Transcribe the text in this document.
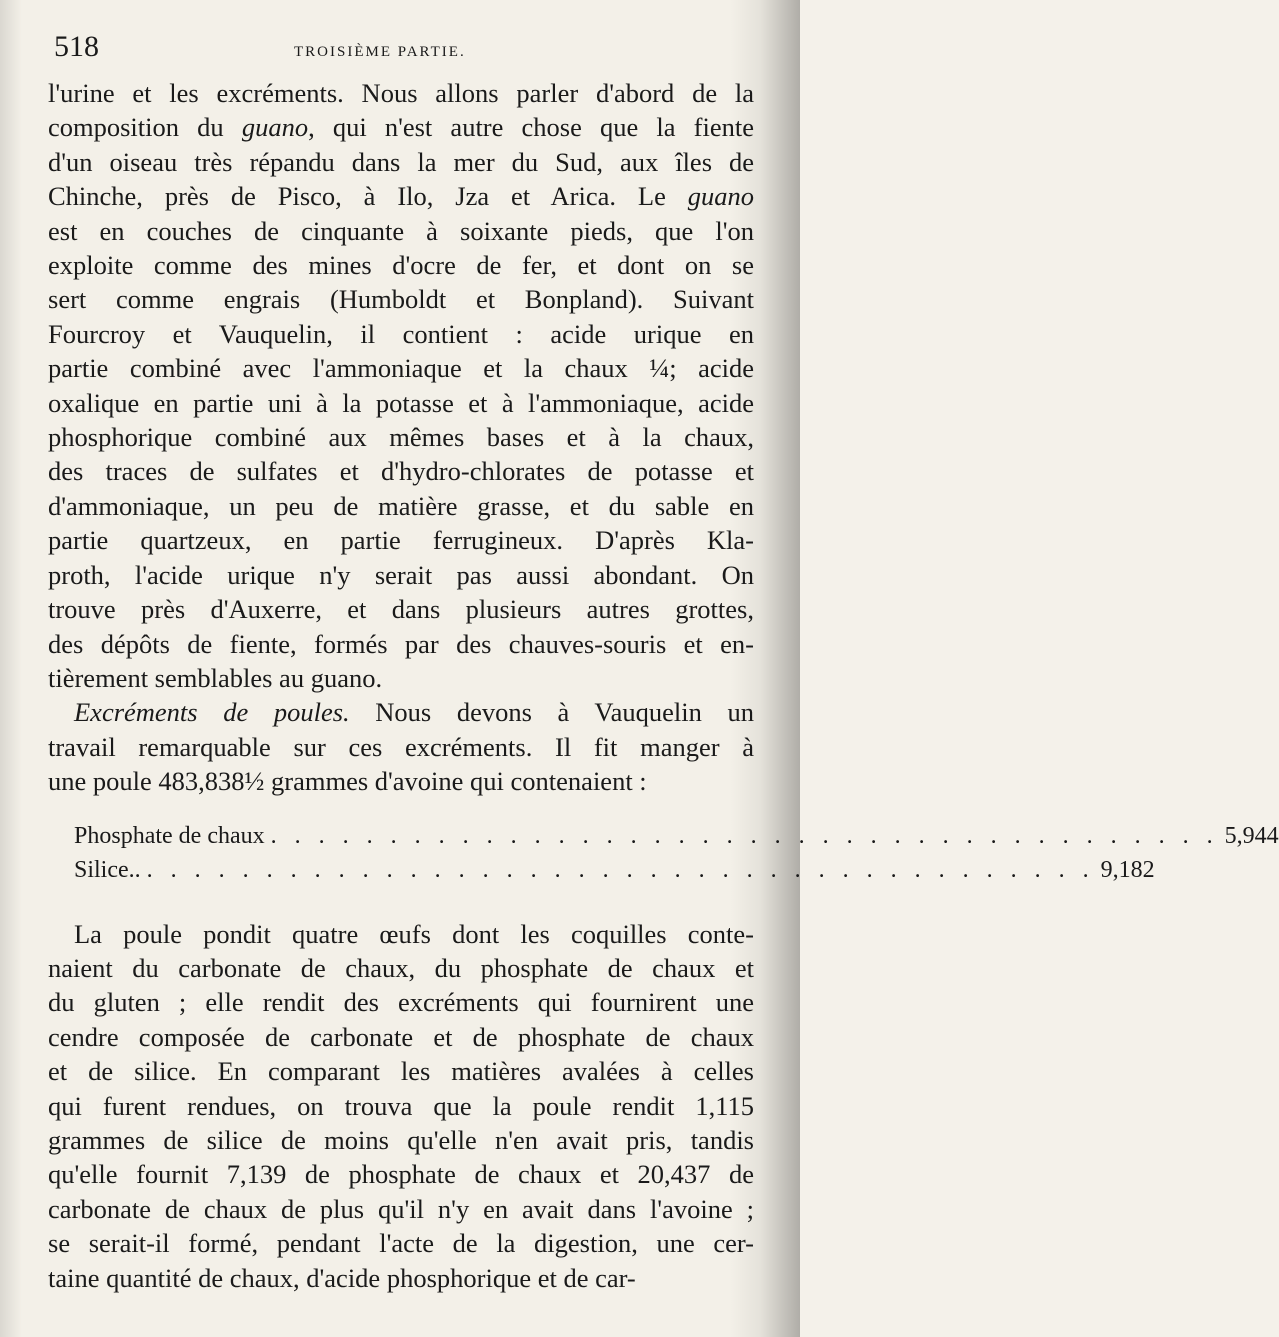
518	TROISIÈME PARTIE.

l'urine et les excréments. Nous allons parler d'abord de la
composition du guano, qui n'est autre chose que la fiente
d'un oiseau très répandu dans la mer du Sud, aux îles de
Chinche, près de Pisco, à Ilo, Jza et Arica. Le guano
est en couches de cinquante à soixante pieds, que l'on
exploite comme des mines d'ocre de fer, et dont on se
sert comme engrais (Humboldt et Bonpland). Suivant
Fourcroy et Vauquelin, il contient : acide urique en
partie combiné avec l'ammoniaque et la chaux ¼; acide
oxalique en partie uni à la potasse et à l'ammoniaque, acide
phosphorique combiné aux mêmes bases et à la chaux,
des traces de sulfates et d'hydro-chlorates de potasse et
d'ammoniaque, un peu de matière grasse, et du sable en
partie quartzeux, en partie ferrugineux. D'après Kla-
proth, l'acide urique n'y serait pas aussi abondant. On
trouve près d'Auxerre, et dans plusieurs autres grottes,
des dépôts de fiente, formés par des chauves-souris et en-
tièrement semblables au guano.

Excréments de poules. Nous devons à Vauquelin un
travail remarquable sur ces excréments. Il fit manger à
une poule 483,838½ grammes d'avoine qui contenaient :

Phosphate de chaux . . . . . . . . . . . . . . . . . . . . . . . . . . . . . . . . . . . . . . . . 5,944
Silice.. . . . . . . . . . . . . . . . . . . . . . . . . . . . . . . . . . . . . . . . . 9,182

La poule pondit quatre œufs dont les coquilles conte-
naient du carbonate de chaux, du phosphate de chaux et
du gluten ; elle rendit des excréments qui fournirent une
cendre composée de carbonate et de phosphate de chaux
et de silice. En comparant les matières avalées à celles
qui furent rendues, on trouva que la poule rendit 1,115
grammes de silice de moins qu'elle n'en avait pris, tandis
qu'elle fournit 7,139 de phosphate de chaux et 20,437 de
carbonate de chaux de plus qu'il n'y en avait dans l'avoine ;
se serait-il formé, pendant l'acte de la digestion, une cer-
taine quantité de chaux, d'acide phosphorique et de car-
